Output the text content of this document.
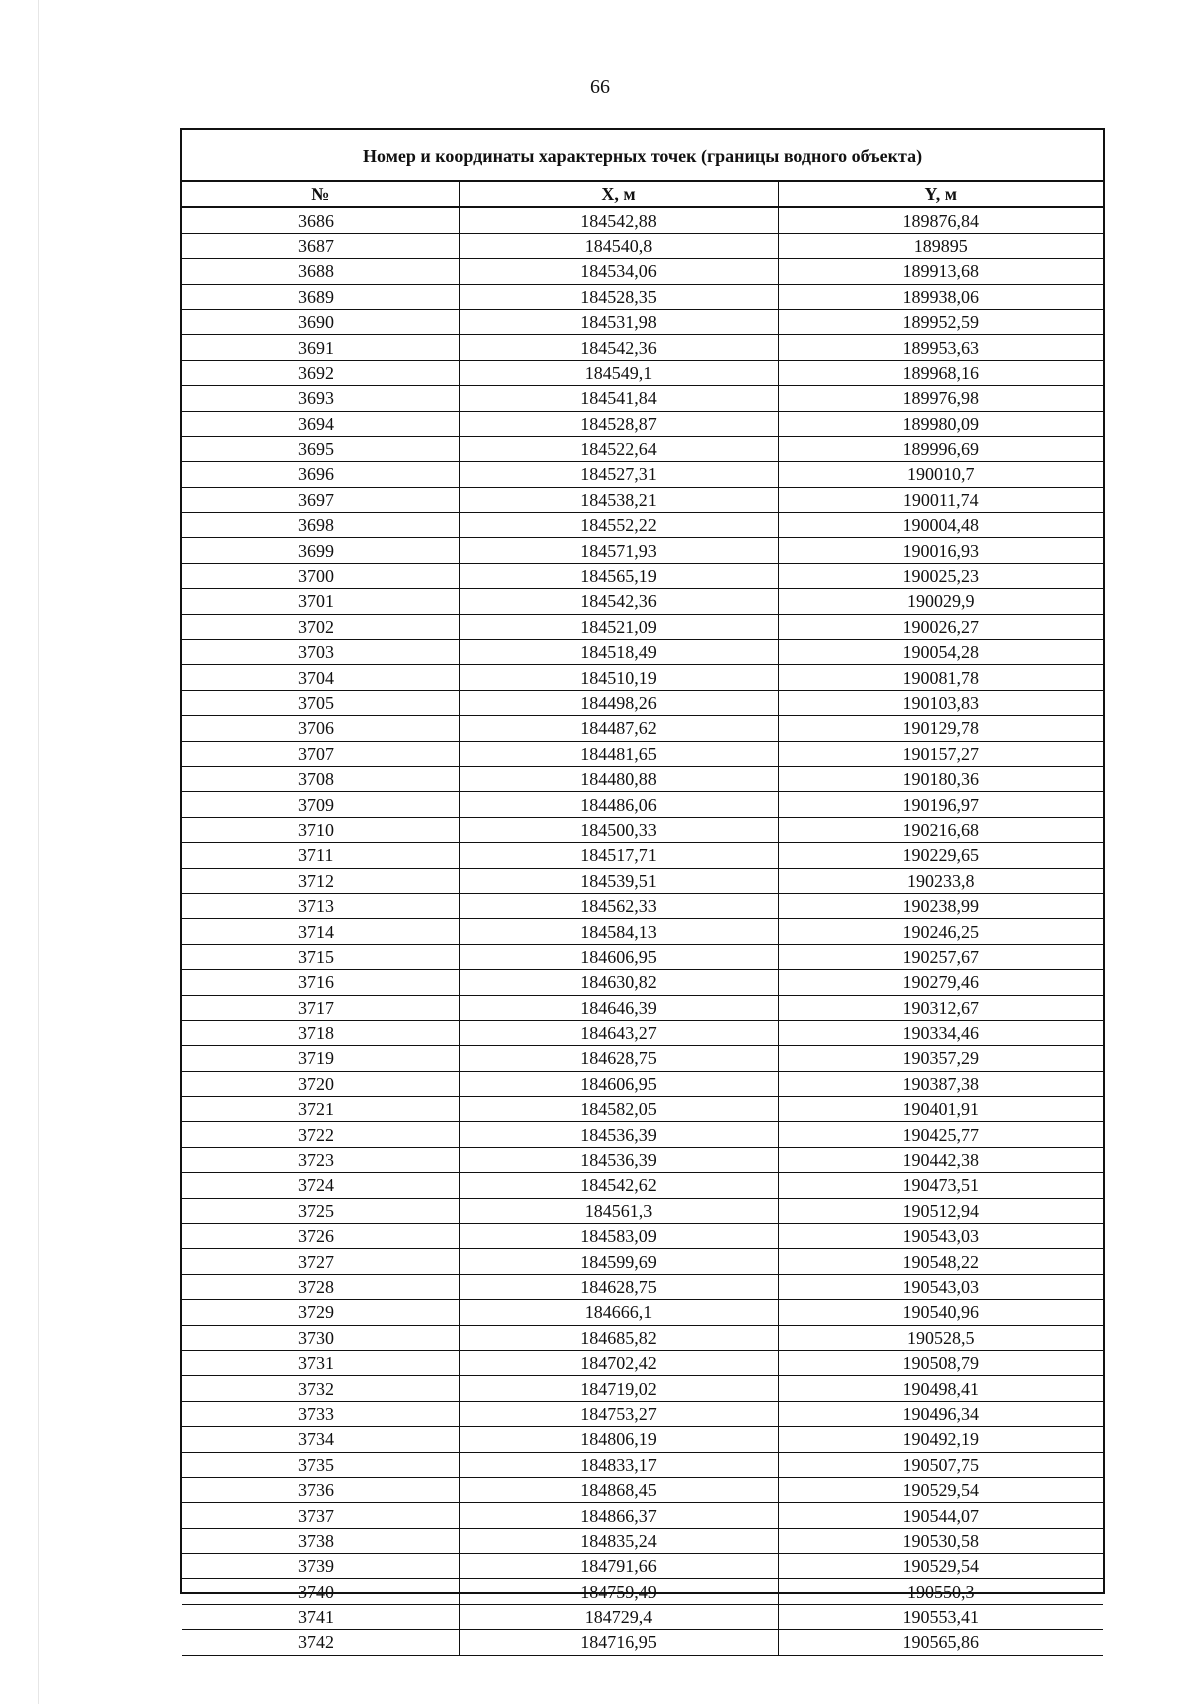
66
Номер и координаты характерных точек (границы водного объекта)
№	X, м	Y, м
3686	184542,88	189876,84
3687	184540,8	189895
3688	184534,06	189913,68
3689	184528,35	189938,06
3690	184531,98	189952,59
3691	184542,36	189953,63
3692	184549,1	189968,16
3693	184541,84	189976,98
3694	184528,87	189980,09
3695	184522,64	189996,69
3696	184527,31	190010,7
3697	184538,21	190011,74
3698	184552,22	190004,48
3699	184571,93	190016,93
3700	184565,19	190025,23
3701	184542,36	190029,9
3702	184521,09	190026,27
3703	184518,49	190054,28
3704	184510,19	190081,78
3705	184498,26	190103,83
3706	184487,62	190129,78
3707	184481,65	190157,27
3708	184480,88	190180,36
3709	184486,06	190196,97
3710	184500,33	190216,68
3711	184517,71	190229,65
3712	184539,51	190233,8
3713	184562,33	190238,99
3714	184584,13	190246,25
3715	184606,95	190257,67
3716	184630,82	190279,46
3717	184646,39	190312,67
3718	184643,27	190334,46
3719	184628,75	190357,29
3720	184606,95	190387,38
3721	184582,05	190401,91
3722	184536,39	190425,77
3723	184536,39	190442,38
3724	184542,62	190473,51
3725	184561,3	190512,94
3726	184583,09	190543,03
3727	184599,69	190548,22
3728	184628,75	190543,03
3729	184666,1	190540,96
3730	184685,82	190528,5
3731	184702,42	190508,79
3732	184719,02	190498,41
3733	184753,27	190496,34
3734	184806,19	190492,19
3735	184833,17	190507,75
3736	184868,45	190529,54
3737	184866,37	190544,07
3738	184835,24	190530,58
3739	184791,66	190529,54
3740	184759,49	190550,3
3741	184729,4	190553,41
3742	184716,95	190565,86
